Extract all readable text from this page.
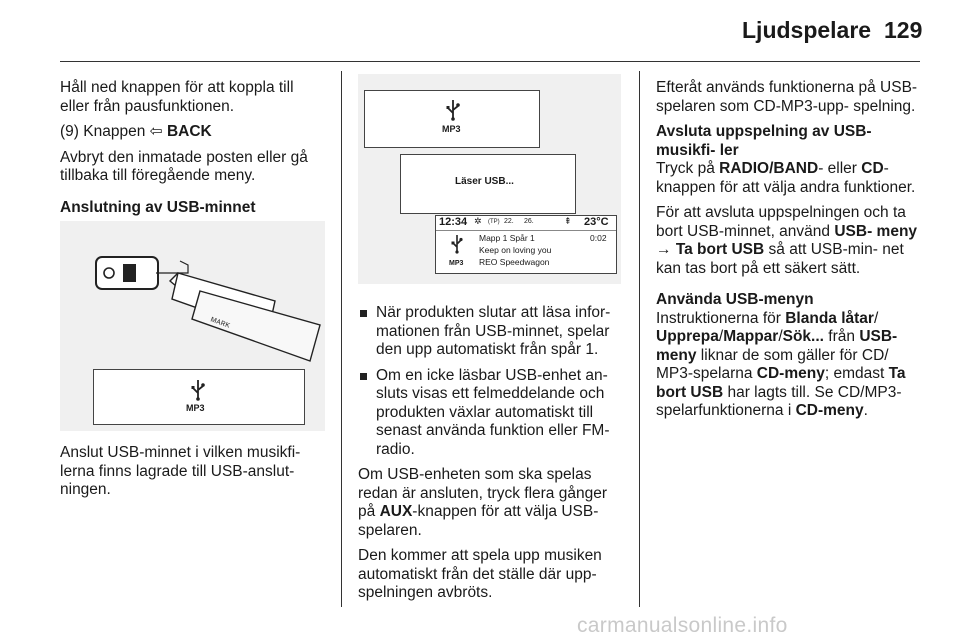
Ljudspelare 129

Håll ned knappen för att koppla till eller från pausfunktionen.

(9) Knappen ⇦ BACK

Avbryt den inmatade posten eller gå tillbaka till föregående meny.

Anslutning av USB-minnet

ᴍᴀʀᴋ
MP3

Anslut USB-minnet i vilken musikfi- lerna finns lagrade till USB-anslut- ningen.

MP3
Läser USB...
12:34 ✲ (TP) 22. 26.	⇞ 23°C
MP3
Mapp 1 Spår 1	0:02
Keep on loving you
REO Speedwagon
När produkten slutar att läsa infor- mationen från USB-minnet, spelar den upp automatiskt från spår 1.
Om en icke läsbar USB-enhet an- sluts visas ett felmeddelande och produkten växlar automatiskt till senast använda funktion eller FM- radio.

Om USB-enheten som ska spelas redan är ansluten, tryck flera gånger på AUX-knappen för att välja USB- spelaren.

Den kommer att spela upp musiken automatiskt från det ställe där upp- spelningen avbröts.

Efteråt används funktionerna på USB-spelaren som CD-MP3-upp- spelning.

Avsluta uppspelning av USB-musikfi- ler

Tryck på RADIO/BAND- eller CD- knappen för att välja andra funktioner.

För att avsluta uppspelningen och ta bort USB-minnet, använd USB- meny → Ta bort USB så att USB-min- net kan tas bort på ett säkert sätt.

Använda USB-menyn

Instruktionerna för Blanda låtar/ Upprepa/Mappar/Sök... från USB- meny liknar de som gäller för CD/ MP3-spelarna CD-meny; emdast Ta bort USB har lagts till. Se CD/MP3- spelarfunktionerna i CD-meny.

carmanualsonline.info
